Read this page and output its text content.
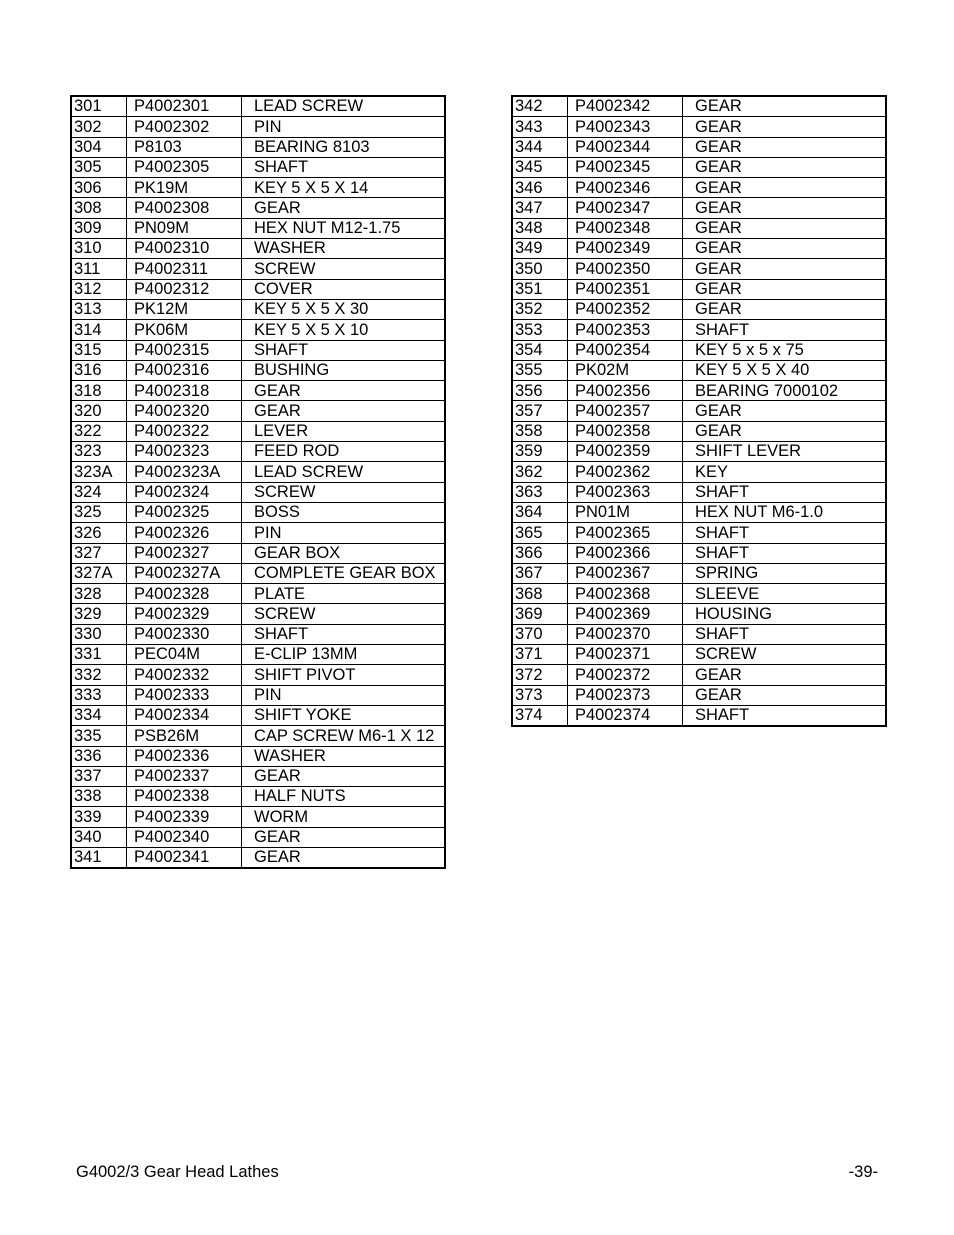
301	P4002301	LEAD SCREW
302	P4002302	PIN
304	P8103	BEARING 8103
305	P4002305	SHAFT
306	PK19M	KEY 5 X 5 X 14
308	P4002308	GEAR
309	PN09M	HEX NUT M12-1.75
310	P4002310	WASHER
311	P4002311	SCREW
312	P4002312	COVER
313	PK12M	KEY 5 X 5 X 30
314	PK06M	KEY 5 X 5 X 10
315	P4002315	SHAFT
316	P4002316	BUSHING
318	P4002318	GEAR
320	P4002320	GEAR
322	P4002322	LEVER
323	P4002323	FEED ROD
323A	P4002323A	LEAD SCREW
324	P4002324	SCREW
325	P4002325	BOSS
326	P4002326	PIN
327	P4002327	GEAR BOX
327A	P4002327A	COMPLETE GEAR BOX
328	P4002328	PLATE
329	P4002329	SCREW
330	P4002330	SHAFT
331	PEC04M	E-CLIP 13MM
332	P4002332	SHIFT PIVOT
333	P4002333	PIN
334	P4002334	SHIFT YOKE
335	PSB26M	CAP SCREW M6-1 X 12
336	P4002336	WASHER
337	P4002337	GEAR
338	P4002338	HALF NUTS
339	P4002339	WORM
340	P4002340	GEAR
341	P4002341	GEAR
342	P4002342	GEAR
343	P4002343	GEAR
344	P4002344	GEAR
345	P4002345	GEAR
346	P4002346	GEAR
347	P4002347	GEAR
348	P4002348	GEAR
349	P4002349	GEAR
350	P4002350	GEAR
351	P4002351	GEAR
352	P4002352	GEAR
353	P4002353	SHAFT
354	P4002354	KEY 5 x 5 x 75
355	PK02M	KEY 5 X 5 X 40
356	P4002356	BEARING 7000102
357	P4002357	GEAR
358	P4002358	GEAR
359	P4002359	SHIFT LEVER
362	P4002362	KEY
363	P4002363	SHAFT
364	PN01M	HEX NUT M6-1.0
365	P4002365	SHAFT
366	P4002366	SHAFT
367	P4002367	SPRING
368	P4002368	SLEEVE
369	P4002369	HOUSING
370	P4002370	SHAFT
371	P4002371	SCREW
372	P4002372	GEAR
373	P4002373	GEAR
374	P4002374	SHAFT
G4002/3 Gear Head Lathes	-39-
